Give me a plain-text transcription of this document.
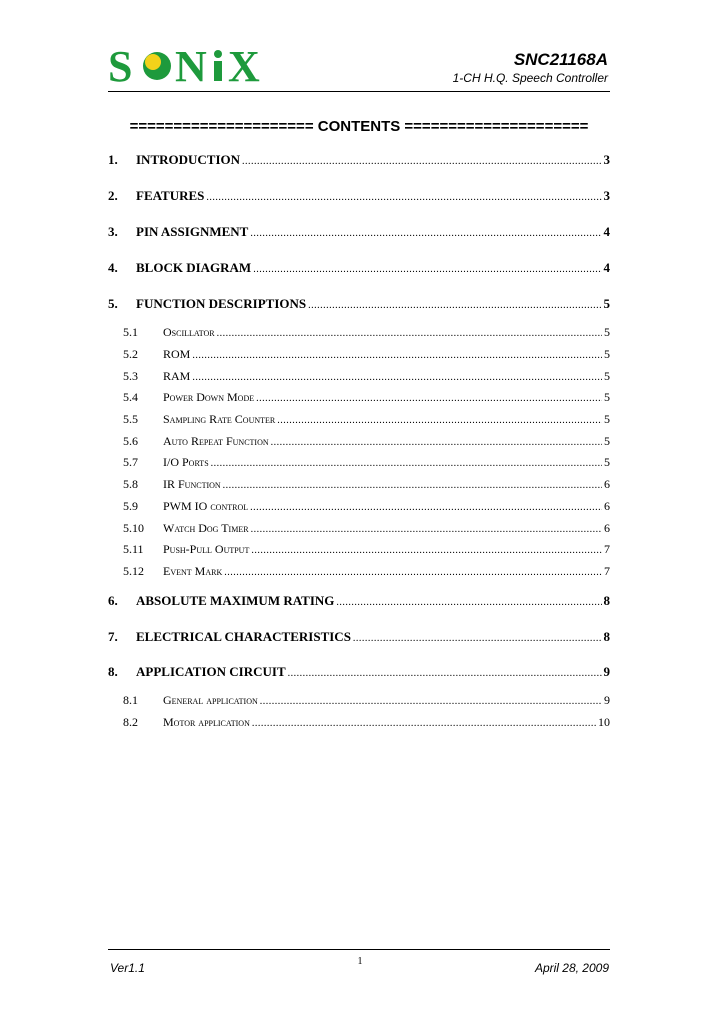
S N X	SNC21168A
1-CH H.Q. Speech Controller
===================== CONTENTS =====================
1.	INTRODUCTION .....	3
2.	FEATURES .....	3
3.	PIN ASSIGNMENT .....	4
4.	BLOCK DIAGRAM .....	4
5.	FUNCTION DESCRIPTIONS .....	5
5.1	Oscillator .....	5
5.2	ROM .....	5
5.3	RAM .....	5
5.4	Power Down Mode .....	5
5.5	Sampling Rate Counter .....	5
5.6	Auto Repeat Function .....	5
5.7	I/O Ports .....	5
5.8	IR Function .....	6
5.9	PWM IO control .....	6
5.10	Watch Dog Timer .....	6
5.11	Push-Pull Output .....	7
5.12	Event Mark .....	7
6.	ABSOLUTE MAXIMUM RATING .....	8
7.	ELECTRICAL CHARACTERISTICS .....	8
8.	APPLICATION CIRCUIT .....	9
8.1	General application .....	9
8.2	Motor application .....	10
Ver1.1	1	April 28, 2009
